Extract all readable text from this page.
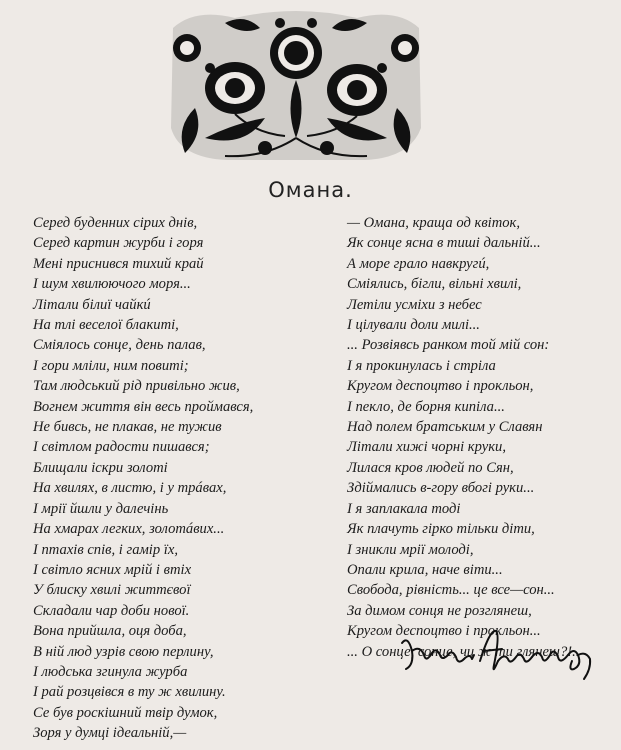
Омана.
Серед буденних сірих днів,
Серед картин журби і горя
Мені приснився тихий край
І шум хвилюючого моря...
Літали білиї чайкú
На тлі веселої блакиті,
Сміялось сонце, день палав,
І гори мліли, ним повиті;
Там людський рід привільно жив,
Вогнем життя він весь проймався,
Не бивсь, не плакав, не тужив
І світлом радости пишався;
Блищали іскри золоті
На хвилях, в листю, і у трáвах,
І мрії йшли у далечінь
На хмарах легких, золотáвих...
І птахів спів, і гамір їх,
І світло ясних мрій і втіх
У блиску хвилі життєвої
Складали чар доби нової.
Вона прийшла, оця доба,
В ній люд узрів свою перлину,
І людська згинула журба
І рай розцвівся в ту ж хвилину.
Се був роскішний твір думок,
Зоря у думці ідеальній,—
— Омана, краща од квіток,
Як сонце ясна в тиші дальній...
А море грало навкругú,
Сміялись, бігли, вільні хвилі,
Летіли усміхи з небес
І цілували доли милі...
... Розвіявсь ранком той мій сон:
І я прокинулась і стріла
Кругом деспоцтво і прокльон,
І пекло, де борня кипіла...
Над полем братським у Славян
Літали хижі чорні круки,
Лилася кров людей по Сян,
Здіймались в-гору вбогі руки...
І я заплакала тоді
Як плачуть гірко тільки діти,
І зникли мрії молоді,
Опали крила, наче віти...
Свобода, рівність... це все—сон...
За димом сонця не розглянеш,
Кругом деспоцтво і прокльон...
... О сонце, сонце, чи ж ти глянеш?!..
